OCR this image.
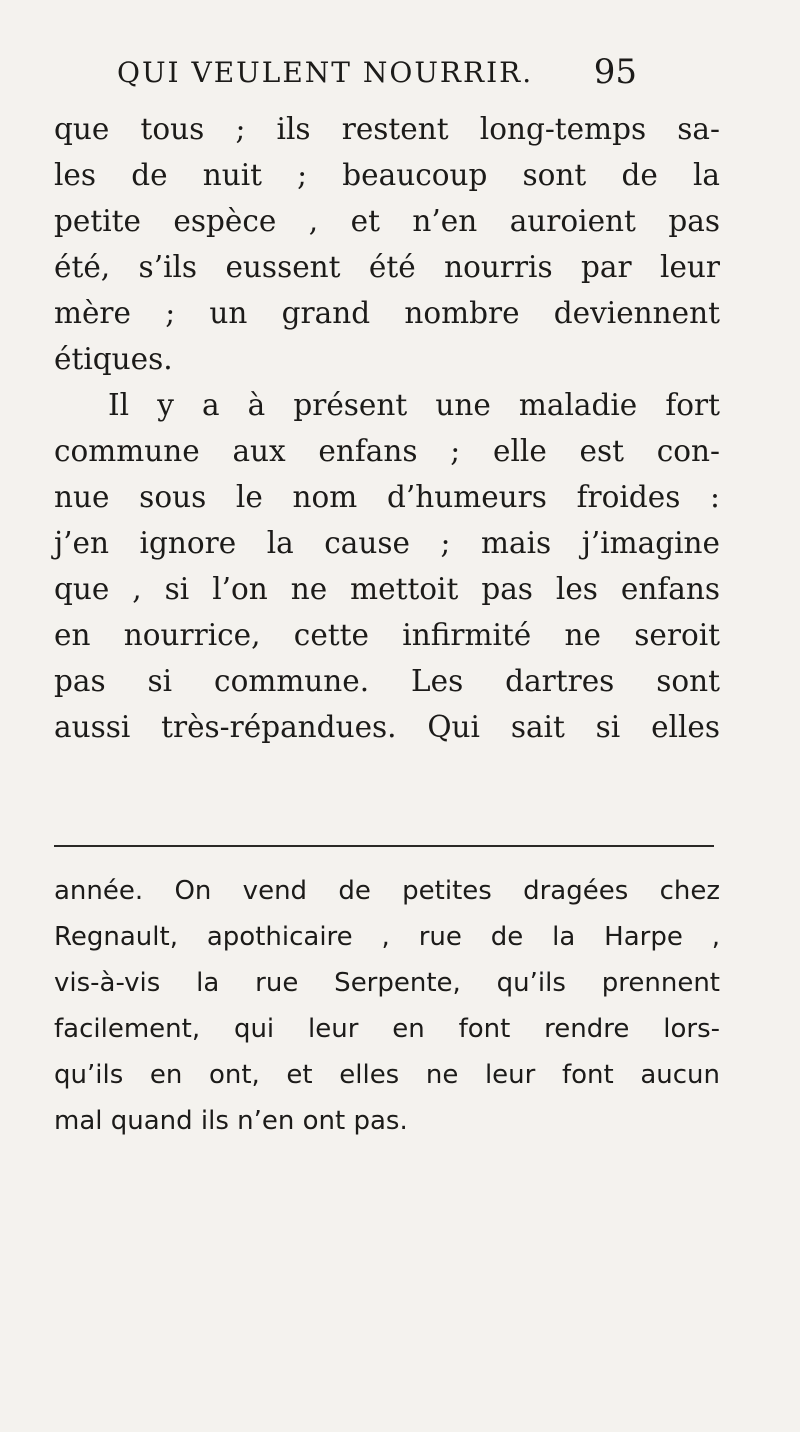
QUI VEULENT NOURRIR. 95
que tous ; ils restent long-temps sa-
les de nuit ; beaucoup sont de la
petite espèce , et n’en auroient pas
été, s’ils eussent été nourris par leur
mère ; un grand nombre deviennent
étiques.
Il y a à présent une maladie fort
commune aux enfans ; elle est con-
nue sous le nom d’humeurs froides :
j’en ignore la cause ; mais j’imagine
que , si l’on ne mettoit pas les enfans
en nourrice, cette infirmité ne seroit
pas si commune. Les dartres sont
aussi très-répandues. Qui sait si elles
année. On vend de petites dragées chez
Regnault, apothicaire , rue de la Harpe ,
vis-à-vis la rue Serpente, qu’ils prennent
facilement, qui leur en font rendre lors-
qu’ils en ont, et elles ne leur font aucun
mal quand ils n’en ont pas.
